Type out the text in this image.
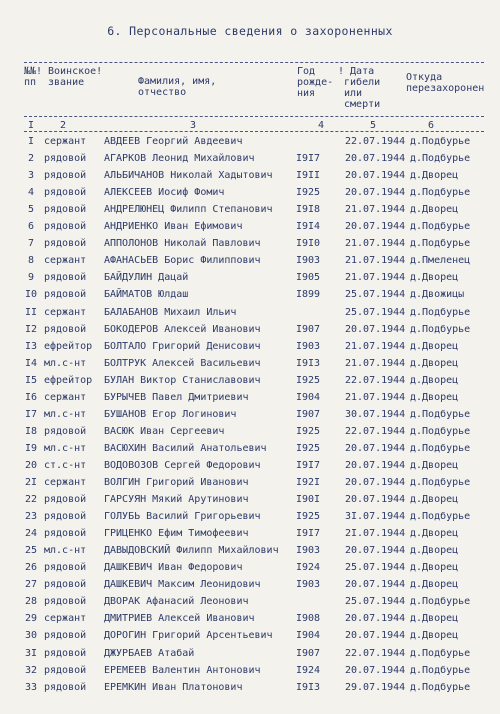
6. Персональные сведения о захороненных
№№!
пп
Воинское!
звание	Фамилия, имя,
отчество
Год
рожде-
ния
! Дата
гибели
или
смерти
Откуда
перезахоронен
I	2	3	4	5	6
I сержант АВДЕЕВ Георгий Авдеевич	22.07.1944 д.Подбурье
2 рядовой АГАРКОВ Леонид Михайлович	I9I7 20.07.1944 д.Подбурье
3 рядовой АЛЬБИЧАНОВ Николай Хадытович I9II 20.07.1944 д.Дворец
4 рядовой АЛЕКСЕЕВ Иосиф Фомич	I925 20.07.1944 д.Подбурье
5 рядовой АНДРЕЛЮНЕЦ Филипп Степанович I9I8 21.07.1944 д.Дворец
6 рядовой АНДРИЕНКО Иван Ефимович	I9I4 20.07.1944 д.Подбурье
7 рядовой АППОЛОНОВ Николай Павлович	I9I0 21.07.1944 д.Подбурье
8 сержант АФАНАСЬЕВ Борис Филиппович	I903 21.07.1944 д.Пмеленец
9 рядовой БАЙДУЛИН Дацай	I905 21.07.1944 д.Дворец
I0 рядовой БАЙМАТОВ Юлдаш	I899 25.07.1944 д.Двожицы
II сержант БАЛАБАНОВ Михаил Ильич	25.07.1944 д.Подбурье
I2 рядовой БОКОДЕРОВ Алексей Иванович	I907 20.07.1944 д.Подбурье
I3 ефрейтор БОЛТАЛО Григорий Денисович	I903 21.07.1944 д.Дворец
I4 мл.с-нт БОЛТРУК Алексей Васильевич	I9I3 21.07.1944 д.Дворец
I5 ефрейтор БУЛАН Виктор Станиславович	I925 22.07.1944 д.Дворец
I6 сержант БУРЫЧЕВ Павел Дмитриевич	I904 21.07.1944 д.Дворец
I7 мл.с-нт БУШАНОВ Егор Логинович	I907 30.07.1944 д.Подбурье
I8 рядовой ВАСЮК Иван Сергеевич	I925 22.07.1944 д.Подбурье
I9 мл.с-нт ВАСЮХИН Василий Анатольевич	I925 20.07.1944 д.Подбурье
20 ст.с-нт ВОДОВОЗОВ Сергей Федорович	I9I7 20.07.1944 д.Дворец
2I сержант ВОЛГИН Григорий Иванович	I92I 20.07.1944 д.Подбурье
22 рядовой ГАРСУЯН Мякий Арутинович	I90I 20.07.1944 д.Дворец
23 рядовой ГОЛУБЬ Василий Григорьевич	I925 3I.07.1944 д.Подбурье
24 рядовой ГРИЦЕНКО Ефим Тимофеевич	I9I7 2I.07.1944 д.Дворец
25 мл.с-нт ДАВЫДОВСКИЙ Филипп Михайлович I903 20.07.1944 д.Дворец
26 рядовой ДАШКЕВИЧ Иван Федорович	I924 25.07.1944 д.Дворец
27 рядовой ДАШКЕВИЧ Максим Леонидович	I903 20.07.1944 д.Дворец
28 рядовой ДВОРАК Афанасий Леонович	25.07.1944 д.Подбурье
29 сержант ДМИТРИЕВ Алексей Иванович	I908 20.07.1944 д.Дворец
30 рядовой ДОРОГИН Григорий Арсентьевич I904 20.07.1944 д.Дворец
3I рядовой ДЖУРБАЕВ Атабай	I907 22.07.1944 д.Подбурье
32 рядовой ЕРЕМЕЕВ Валентин Антонович	I924 20.07.1944 д.Подбурье
33 рядовой ЕРЕМКИН Иван Платонович	I9I3 29.07.1944 д.Подбурье
